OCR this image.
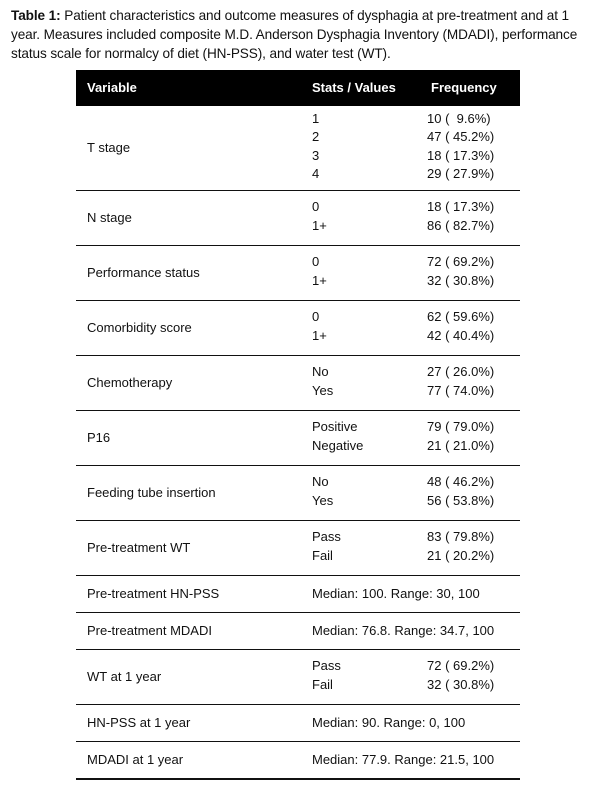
Table 1: Patient characteristics and outcome measures of dysphagia at pre-treatment and at 1 year. Measures included composite M.D. Anderson Dysphagia Inventory (MDADI), performance status scale for normalcy of diet (HN-PSS), and water test (WT).
Variable	Stats / Values	Frequency
T stage
1	10 (  9.6%)
2	47 ( 45.2%)
3	18 ( 17.3%)
4	29 ( 27.9%)
N stage
0	18 ( 17.3%)
1+	86 ( 82.7%)
Performance status
0	72 ( 69.2%)
1+	32 ( 30.8%)
Comorbidity score
0	62 ( 59.6%)
1+	42 ( 40.4%)
Chemotherapy
No	27 ( 26.0%)
Yes	77 ( 74.0%)
P16
Positive	79 ( 79.0%)
Negative	21 ( 21.0%)
Feeding tube insertion
No	48 ( 46.2%)
Yes	56 ( 53.8%)
Pre-treatment WT
Pass	83 ( 79.8%)
Fail	21 ( 20.2%)
Pre-treatment HN-PSS	Median: 100. Range: 30, 100
Pre-treatment MDADI	Median: 76.8. Range: 34.7, 100
WT at 1 year
Pass	72 ( 69.2%)
Fail	32 ( 30.8%)
HN-PSS at 1 year	Median: 90. Range: 0, 100
MDADI at 1 year	Median: 77.9. Range: 21.5, 100
